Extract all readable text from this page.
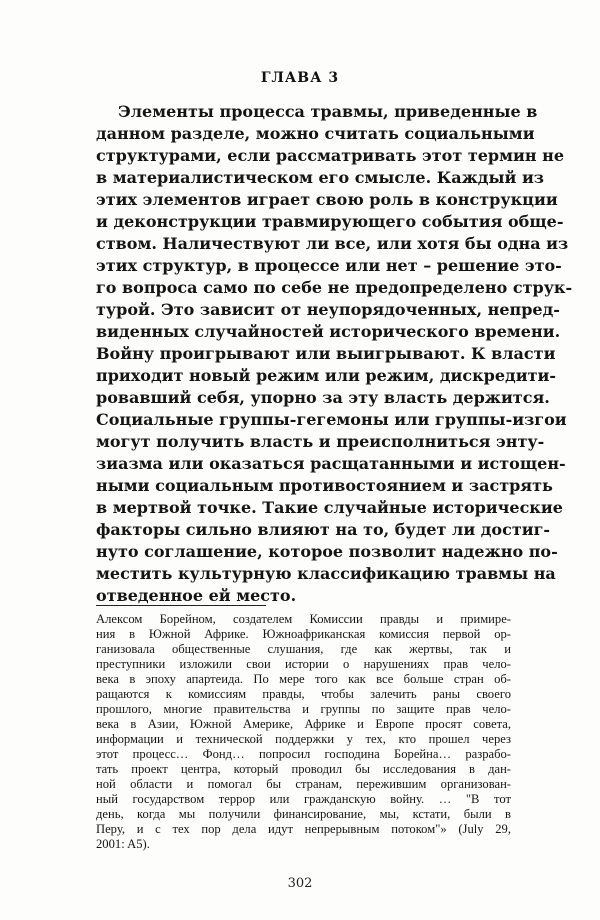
ГЛАВА 3
Элементы процесса травмы, приведенные в
данном разделе, можно считать социальными
структурами, если рассматривать этот термин не
в материалистическом его смысле. Каждый из
этих элементов играет свою роль в конструкции
и деконструкции травмирующего события обще-
ством. Наличествуют ли все, или хотя бы одна из
этих структур, в процессе или нет – решение это-
го вопроса само по себе не предопределено струк-
турой. Это зависит от неупорядоченных, непред-
виденных случайностей исторического времени.
Войну проигрывают или выигрывают. К власти
приходит новый режим или режим, дискредити-
ровавший себя, упорно за эту власть держится.
Социальные группы-гегемоны или группы-изгои
могут получить власть и преисполниться энту-
зиазма или оказаться расщатанными и истощен-
ными социальным противостоянием и застрять
в мертвой точке. Такие случайные исторические
факторы сильно влияют на то, будет ли достиг-
нуто соглашение, которое позволит надежно по-
местить культурную классификацию травмы на
отведенное ей место.
Алексом Борейном, создателем Комиссии правды и примире-
ния в Южной Африке. Южноафриканская комиссия первой ор-
ганизовала общественные слушания, где как жертвы, так и
преступники изложили свои истории о нарушениях прав чело-
века в эпоху апартеида. По мере того как все больше стран об-
ращаются к комиссиям правды, чтобы залечить раны своего
прошлого, многие правительства и группы по защите прав чело-
века в Азии, Южной Америке, Африке и Европе просят совета,
информации и технической поддержки у тех, кто прошел через
этот процесс… Фонд… попросил господина Борейна… разрабо-
тать проект центра, который проводил бы исследования в дан-
ной области и помогал бы странам, пережившим организован-
ный государством террор или гражданскую войну. … "В тот
день, когда мы получили финансирование, мы, кстати, были в
Перу, и с тех пор дела идут непрерывным потоком"» (July 29,
2001: A5).
302
